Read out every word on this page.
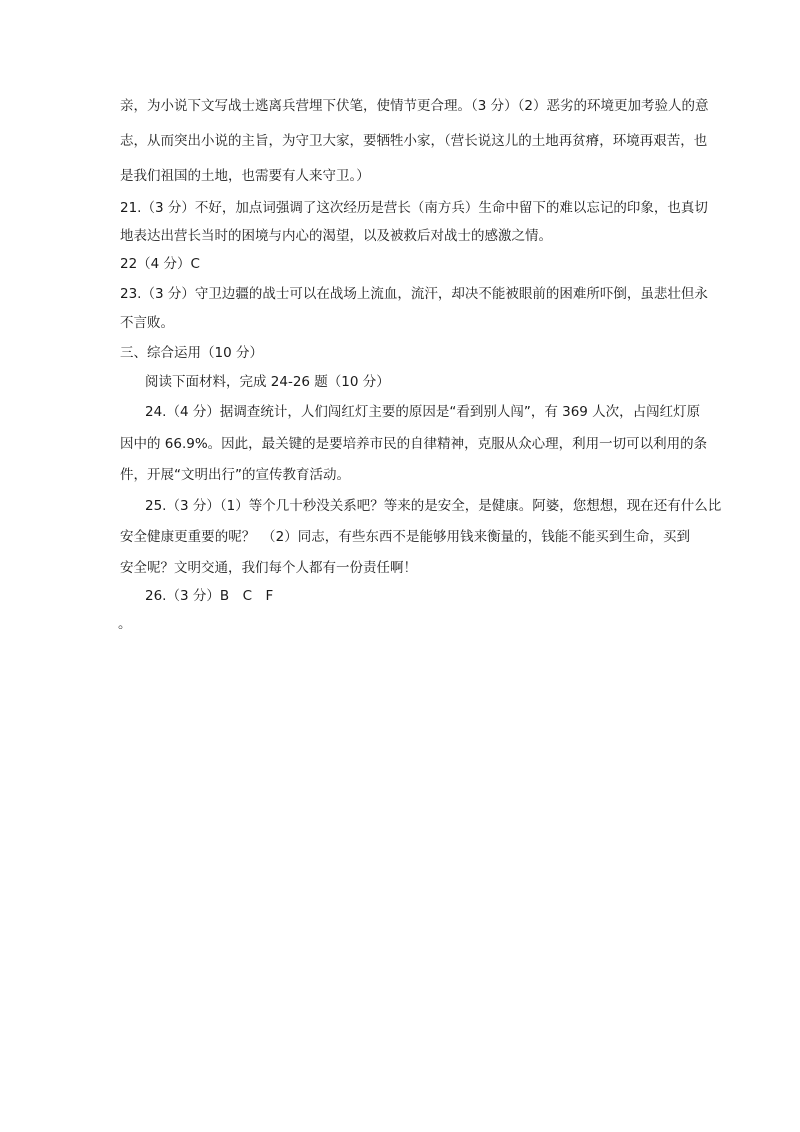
亲，为小说下文写战士逃离兵营埋下伏笔，使情节更合理。（3 分）（2）恶劣的环境更加考验人的意
志，从而突出小说的主旨，为守卫大家，要牺牲小家，（营长说这儿的土地再贫瘠，环境再艰苦，也
是我们祖国的土地，也需要有人来守卫。）
21.（3 分）不好，加点词强调了这次经历是营长（南方兵）生命中留下的难以忘记的印象，也真切
地表达出营长当时的困境与内心的渴望，以及被救后对战士的感激之情。
22（4 分）C
23.（3 分）守卫边疆的战士可以在战场上流血，流汗，却决不能被眼前的困难所吓倒，虽悲壮但永
不言败。
三、综合运用（10 分）
阅读下面材料，完成 24-26 题（10 分）
24.（4 分）据调查统计，人们闯红灯主要的原因是“看到别人闯”，有 369 人次，占闯红灯原
因中的 66.9%。因此，最关键的是要培养市民的自律精神，克服从众心理，利用一切可以利用的条
件，开展“文明出行”的宣传教育活动。
25.（3 分）（1）等个几十秒没关系吧？等来的是安全，是健康。阿婆，您想想，现在还有什么比
安全健康更重要的呢？　（2）同志，有些东西不是能够用钱来衡量的，钱能不能买到生命，买到
安全呢？文明交通，我们每个人都有一份责任啊！
26.（3 分）B　C　F
。
